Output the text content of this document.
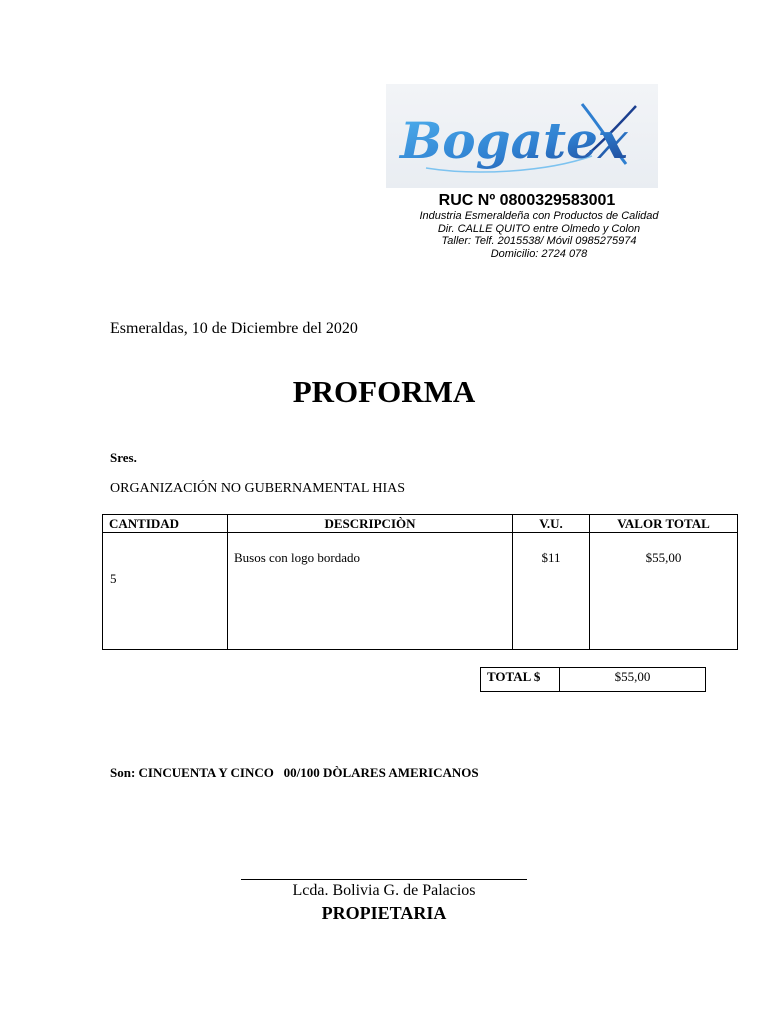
Bogatex
RUC Nº 0800329583001
Industria Esmeraldeña con Productos de Calidad
Dir. CALLE QUITO entre Olmedo y Colon
Taller: Telf. 2015538/ Móvil 0985275974
Domicilio: 2724 078
Esmeraldas, 10 de Diciembre del 2020
PROFORMA
Sres.
ORGANIZACIÓN NO GUBERNAMENTAL HIAS
CANTIDAD	DESCRIPCIÒN	V.U.	VALOR TOTAL

5	Busos con logo bordado	$11	$55,00
TOTAL $	$55,00
Son: CINCUENTA Y CINCO   00/100 DÒLARES AMERICANOS
Lcda. Bolivia G. de Palacios
PROPIETARIA
